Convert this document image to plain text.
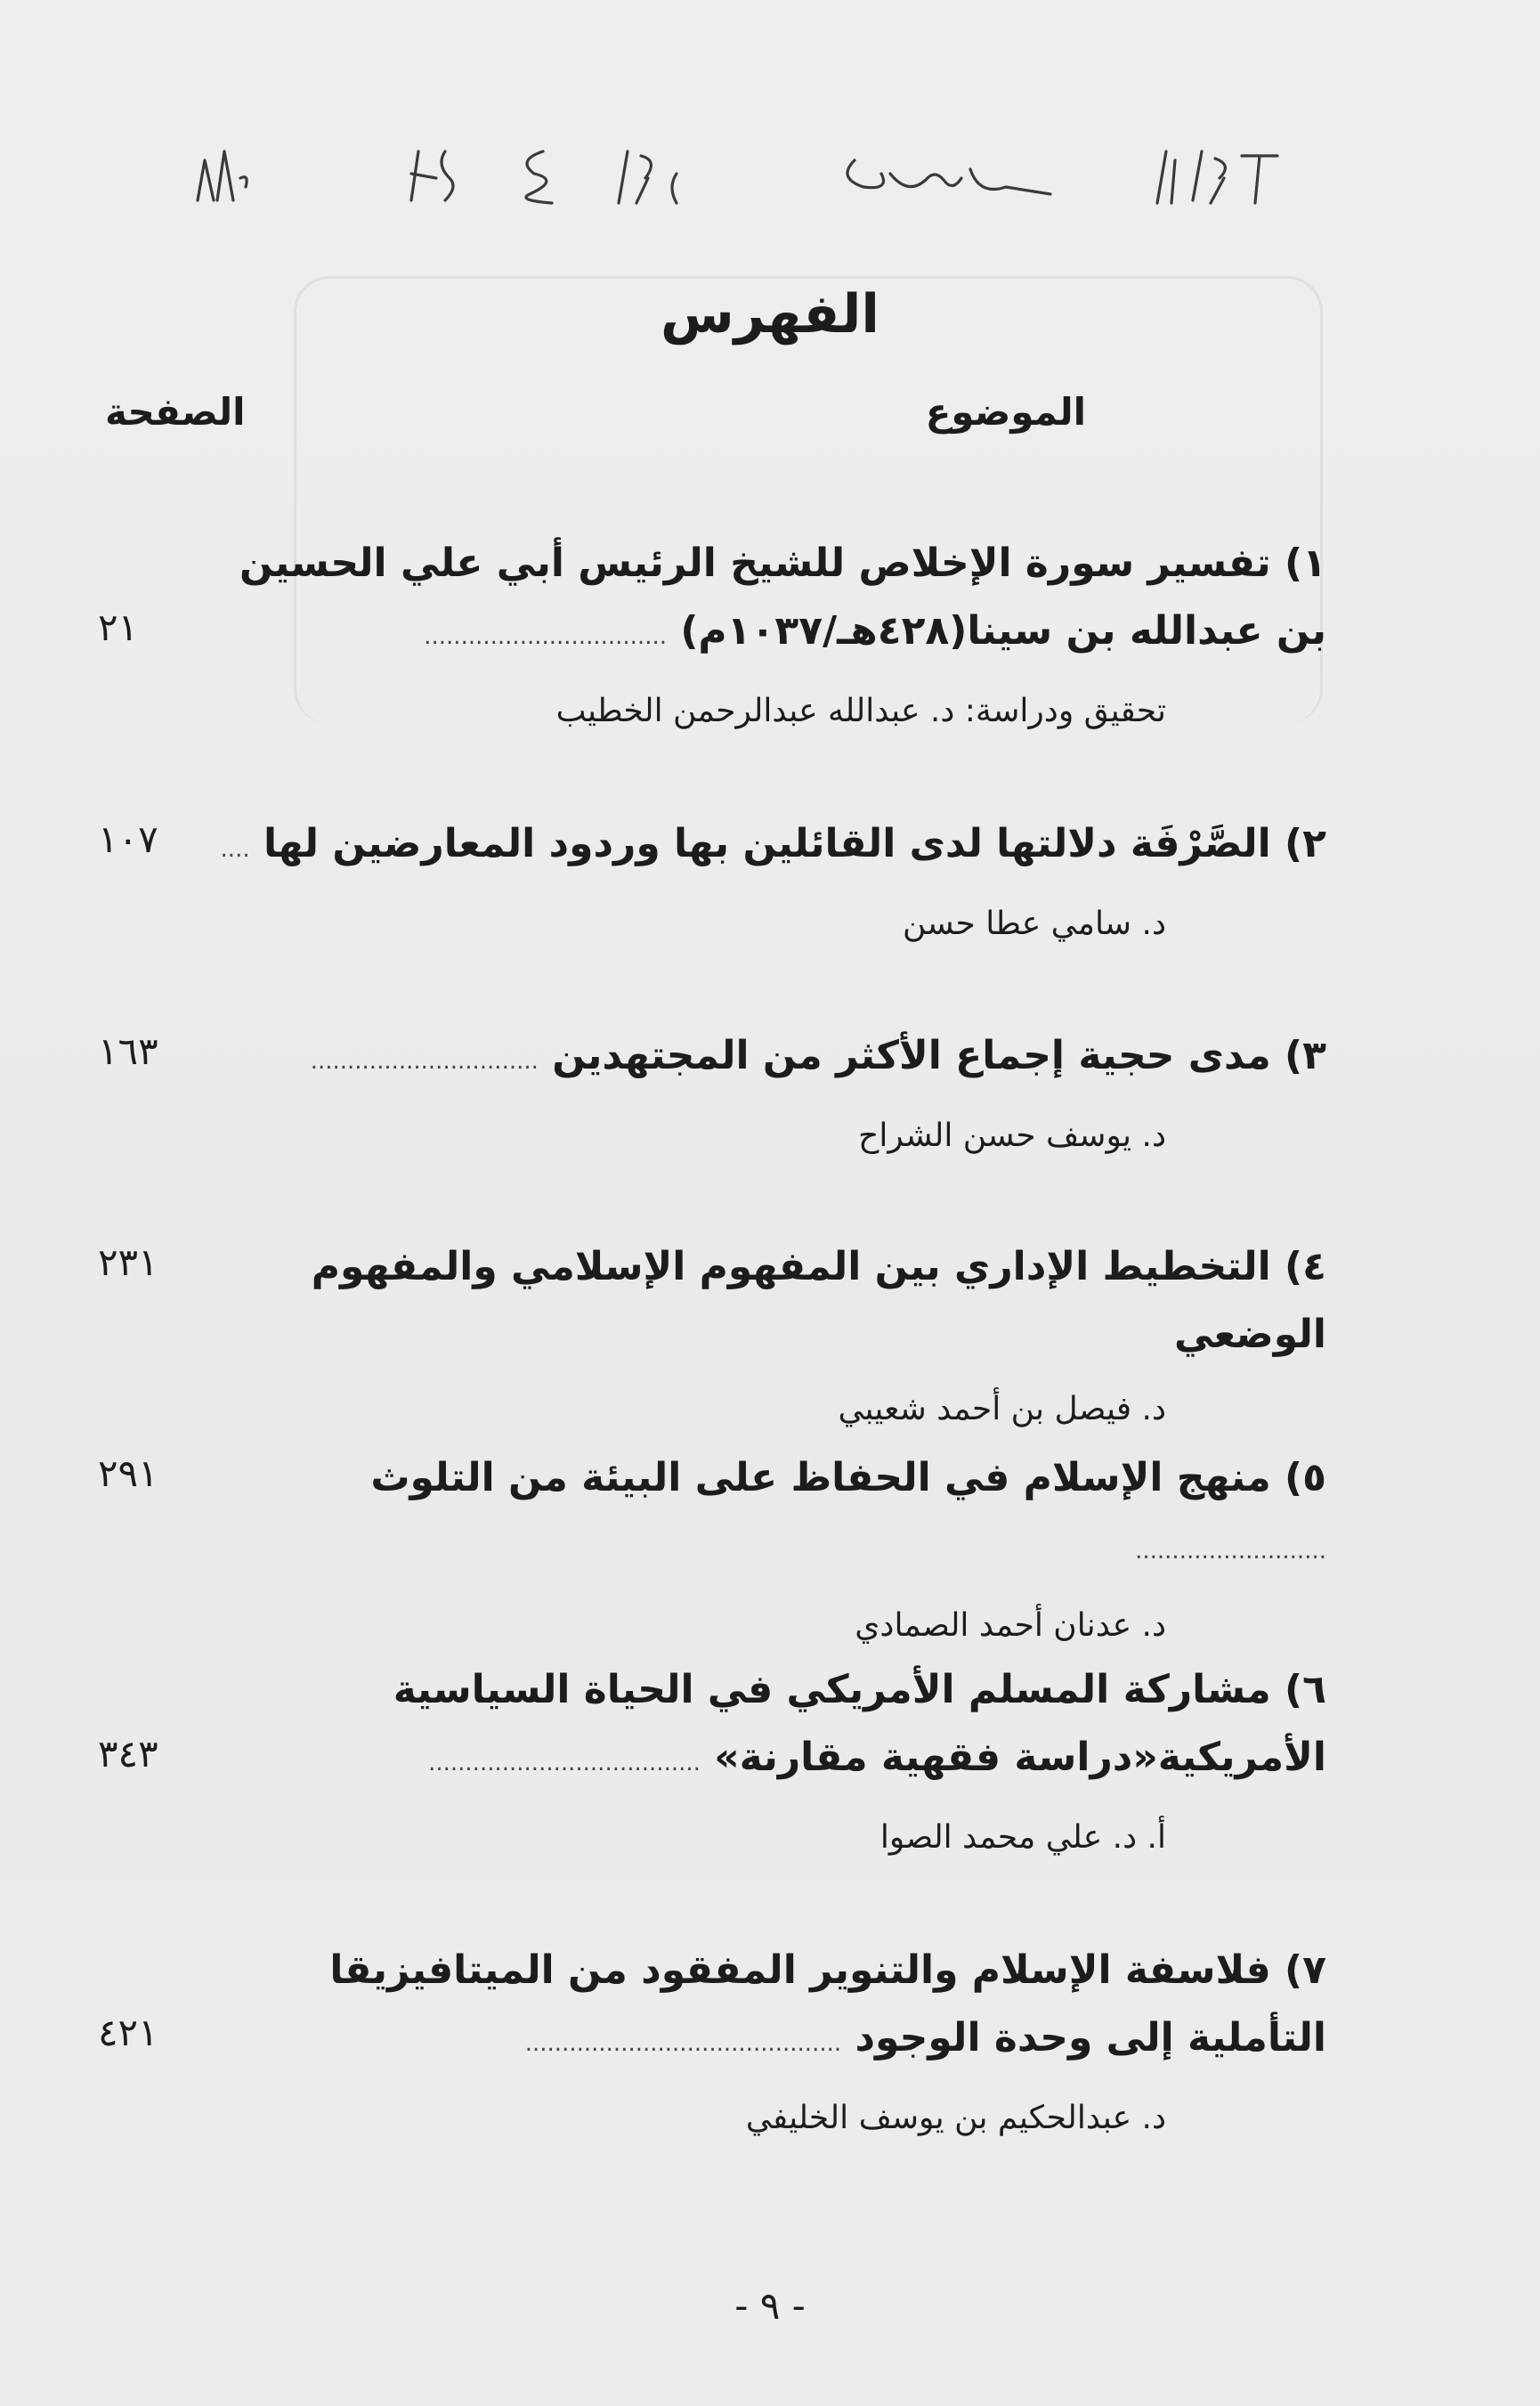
الفهرس
الموضوع
الصفحة
١) تفسير سورة الإخلاص للشيخ الرئيس أبي علي الحسين بن عبدالله بن سينا(٤٢٨هـ/١٠٣٧م) .................................
تحقيق ودراسة: د. عبدالله عبدالرحمن الخطيب
٢١
٢) الصَّرْفَة دلالتها لدى القائلين بها وردود المعارضين لها ....
د. سامي عطا حسن
١٠٧
٣) مدى حجية إجماع الأكثر من المجتهدين ...............................
د. يوسف حسن الشراح
١٦٣
٤) التخطيط الإداري بين المفهوم الإسلامي والمفهوم الوضعي
د. فيصل بن أحمد شعيبي
٢٣١
٥) منهج الإسلام في الحفاظ على البيئة من التلوث ..........................
د. عدنان أحمد الصمادي
٢٩١
٦) مشاركة المسلم الأمريكي في الحياة السياسية الأمريكية«دراسة فقهية مقارنة» .....................................
أ. د. علي محمد الصوا
٣٤٣
٧) فلاسفة الإسلام والتنوير المفقود من الميتافيزيقا التأملية إلى وحدة الوجود ...........................................
د. عبدالحكيم بن يوسف الخليفي
٤٢١
- ٩ -
